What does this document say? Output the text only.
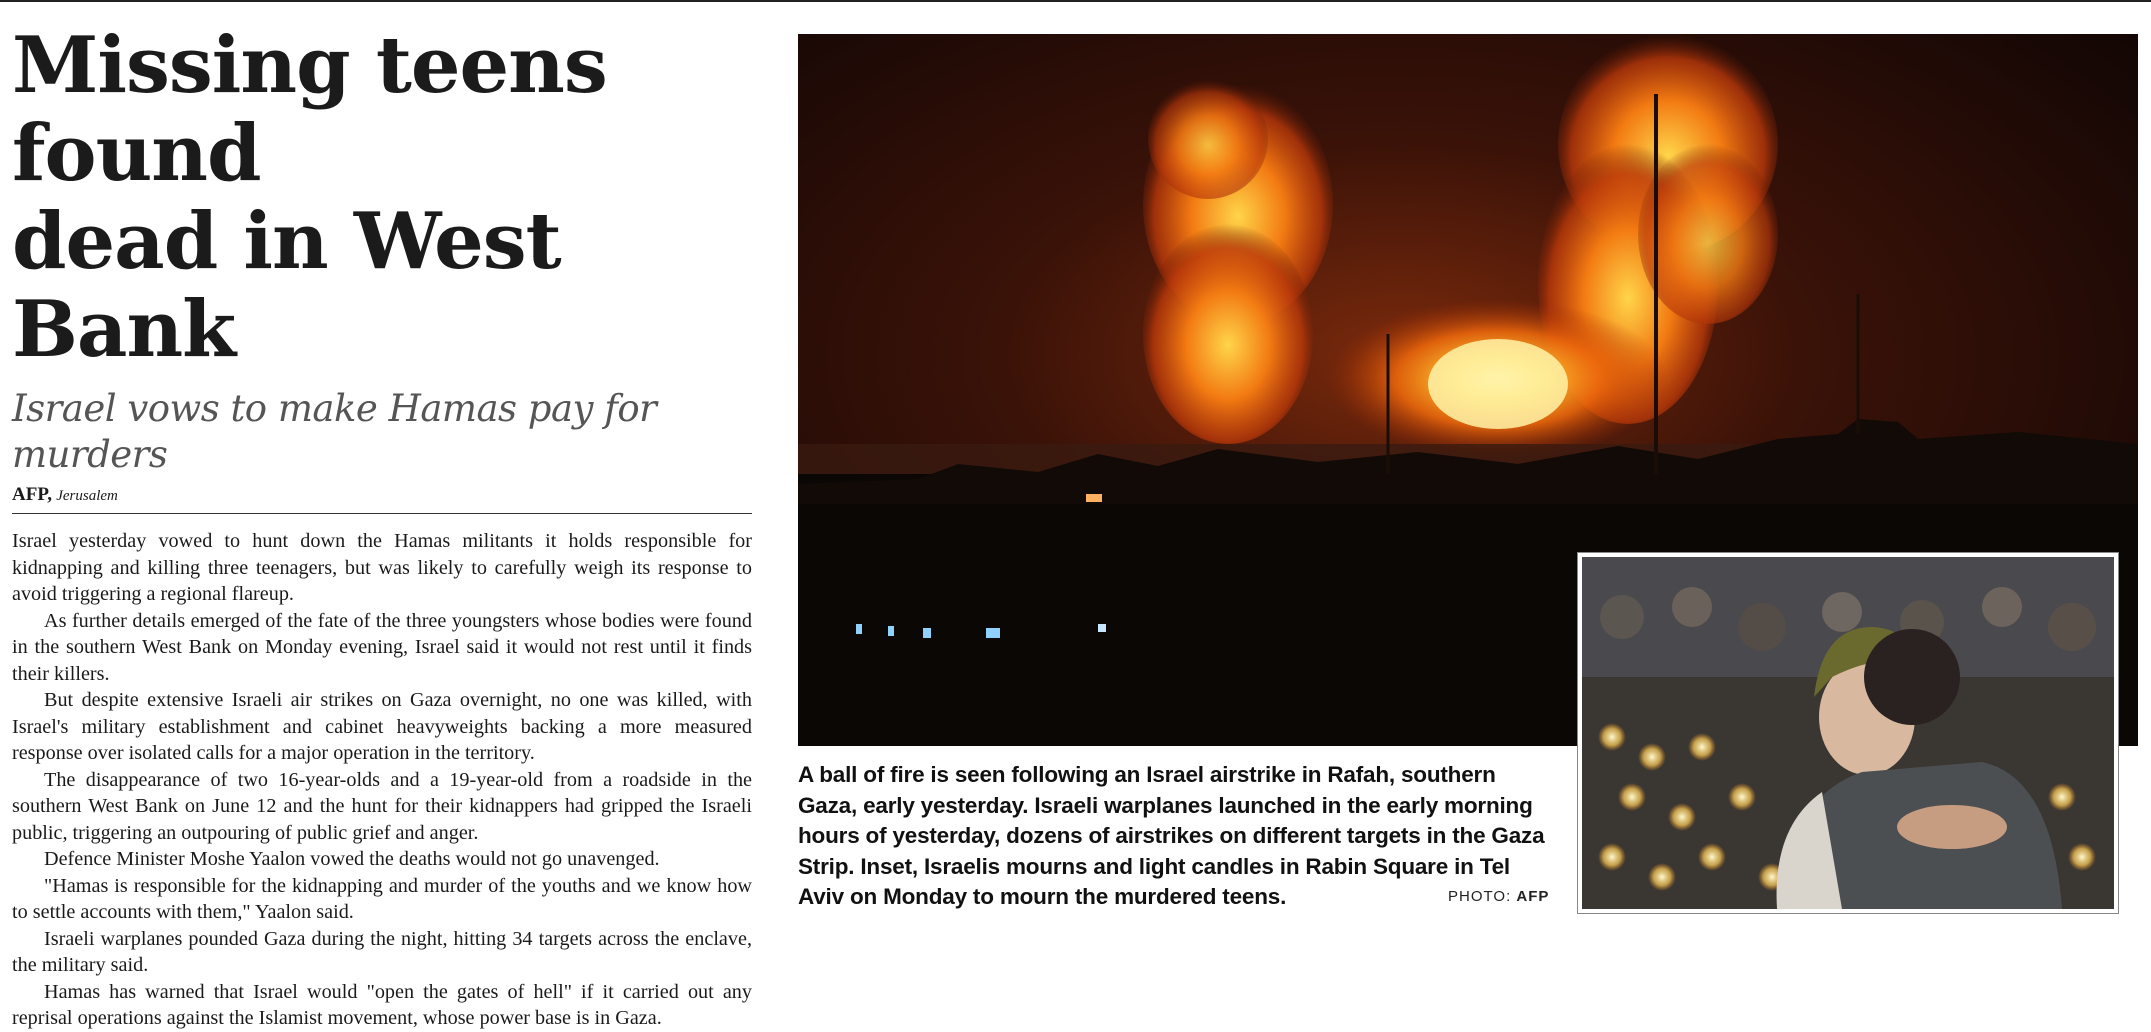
Missing teens found
dead in West Bank
Israel vows to make Hamas pay for murders
AFP, Jerusalem

Israel yesterday vowed to hunt down the Hamas militants it holds responsible for kidnapping and killing three teenagers, but was likely to carefully weigh its response to avoid triggering a regional flareup.

As further details emerged of the fate of the three youngsters whose bodies were found in the southern West Bank on Monday evening, Israel said it would not rest until it finds their killers.

But despite extensive Israeli air strikes on Gaza overnight, no one was killed, with Israel's military establishment and cabinet heavyweights backing a more measured response over isolated calls for a major operation in the territory.

The disappearance of two 16-year-olds and a 19-year-old from a roadside in the southern West Bank on June 12 and the hunt for their kidnappers had gripped the Israeli public, triggering an outpouring of public grief and anger.

Defence Minister Moshe Yaalon vowed the deaths would not go unavenged.

"Hamas is responsible for the kidnapping and murder of the youths and we know how to settle accounts with them," Yaalon said.

Israeli warplanes pounded Gaza during the night, hitting 34 targets across the enclave, the military said.

Hamas has warned that Israel would "open the gates of hell" if it carried out any reprisal operations against the Islamist movement, whose power base is in Gaza.

A ball of fire is seen following an Israel airstrike in Rafah, southern Gaza, early yesterday. Israeli warplanes launched in the early morning hours of yesterday, dozens of airstrikes on different targets in the Gaza Strip. Inset, Israelis mourns and light candles in Rabin Square in Tel Aviv on Monday to mourn the murdered teens.	PHOTO: AFP
